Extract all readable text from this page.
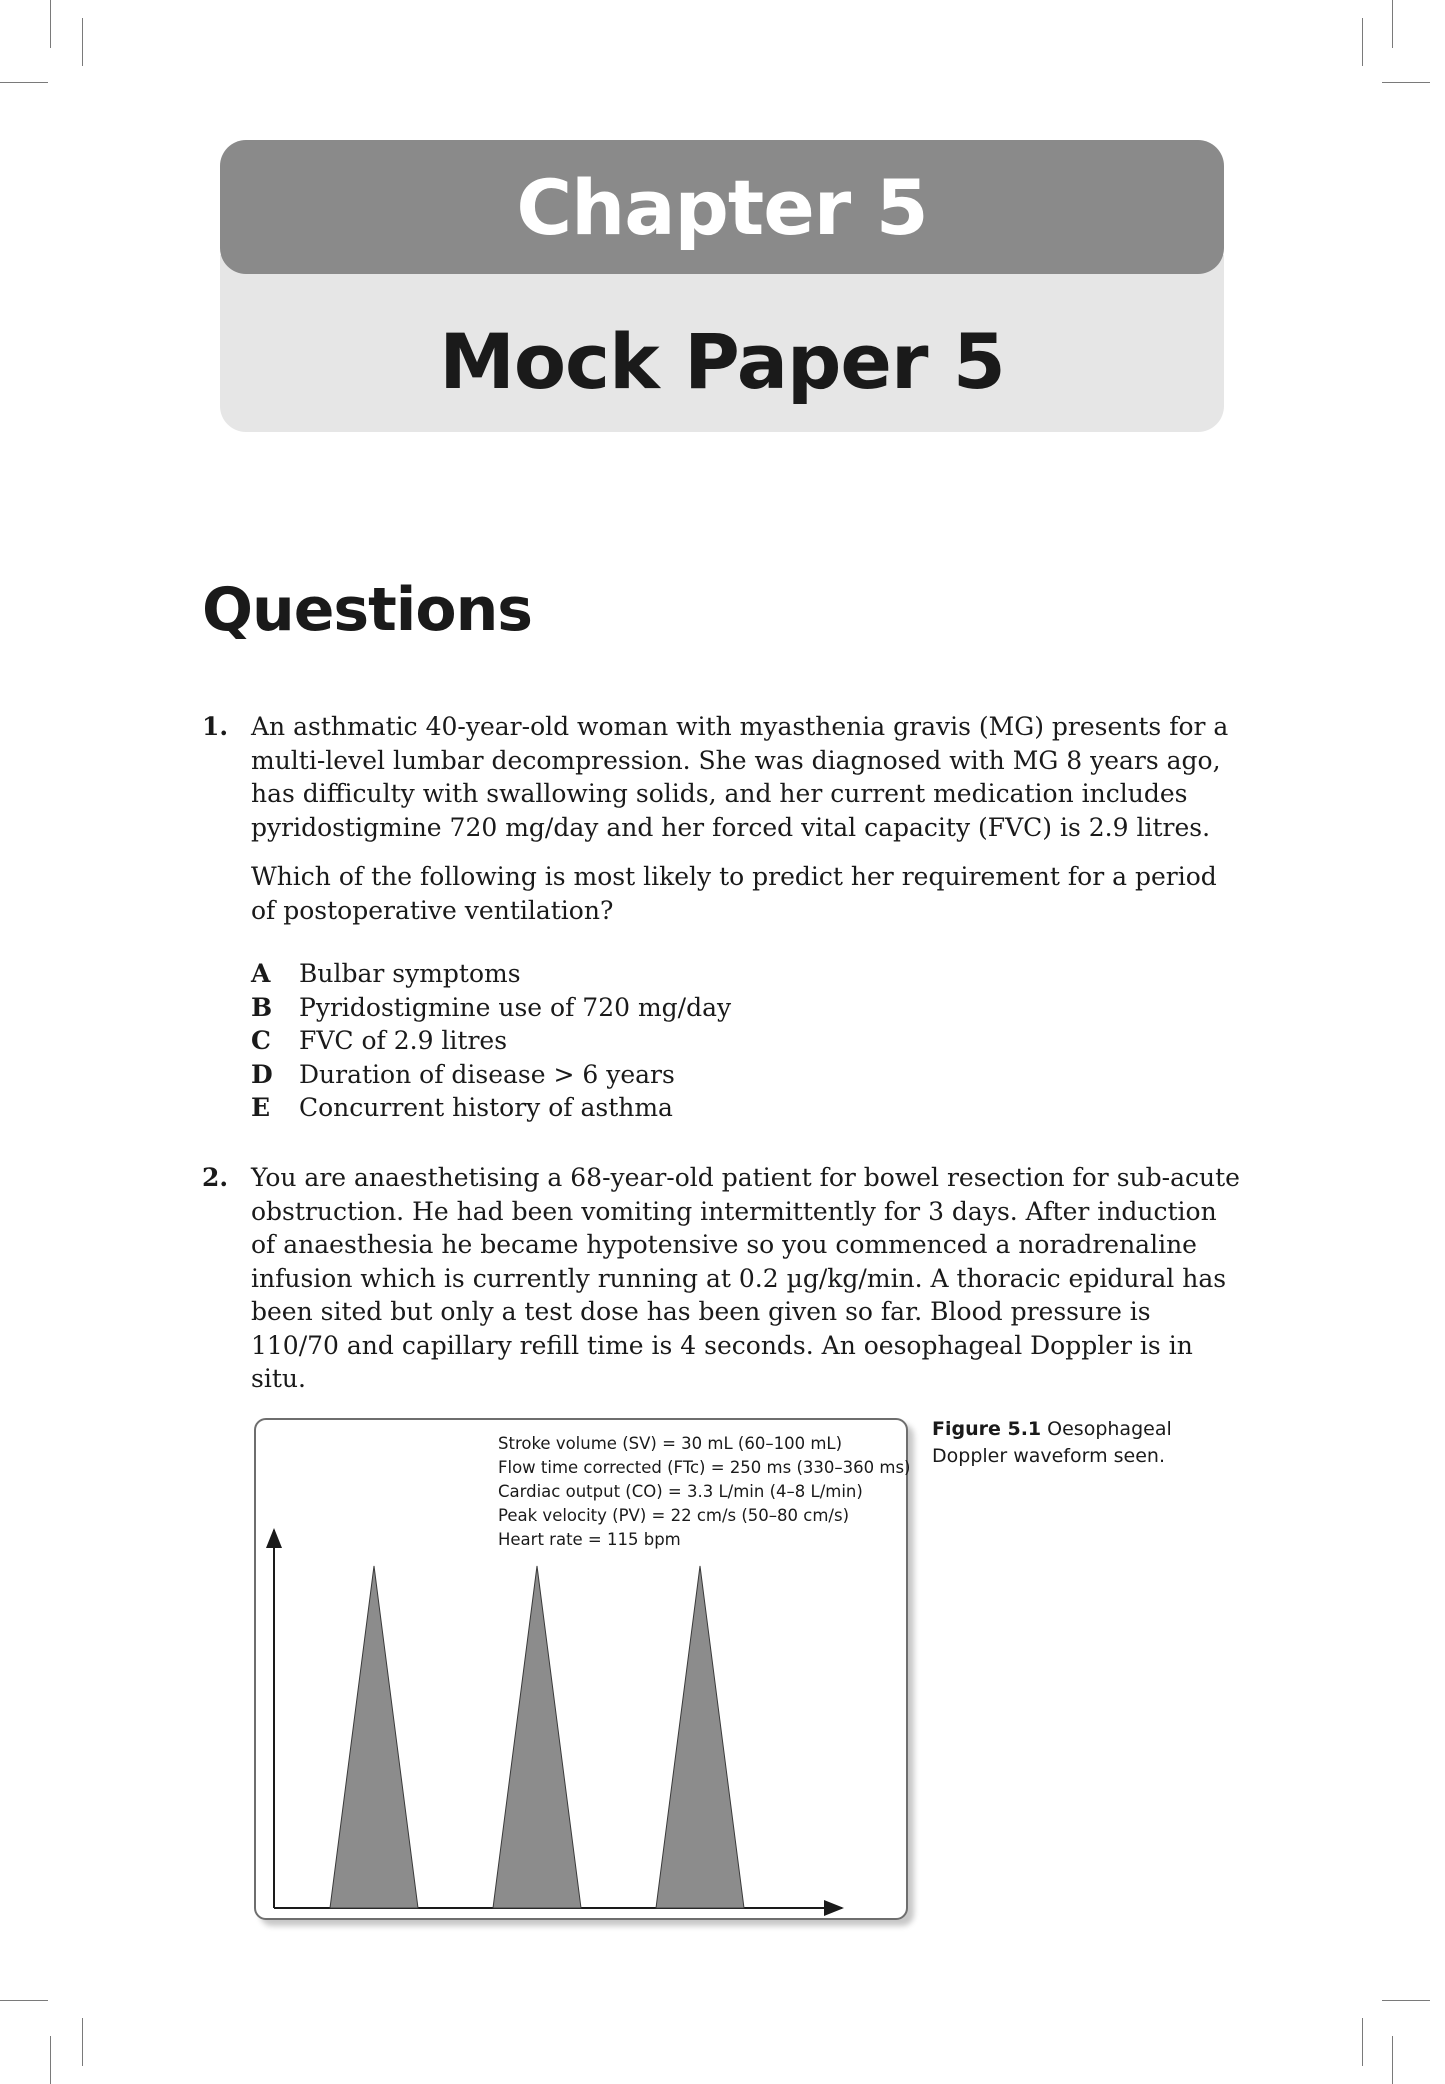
Chapter 5
Mock Paper 5
Questions
1. An asthmatic 40-year-old woman with myasthenia gravis (MG) presents for a multi-level lumbar decompression. She was diagnosed with MG 8 years ago, has difficulty with swallowing solids, and her current medication includes pyridostigmine 720 mg/day and her forced vital capacity (FVC) is 2.9 litres.

Which of the following is most likely to predict her requirement for a period of postoperative ventilation?

A	Bulbar symptoms
B	Pyridostigmine use of 720 mg/day
C	FVC of 2.9 litres
D	Duration of disease > 6 years
E	Concurrent history of asthma
2. You are anaesthetising a 68-year-old patient for bowel resection for sub-acute obstruction. He had been vomiting intermittently for 3 days. After induction of anaesthesia he became hypotensive so you commenced a noradrenaline infusion which is currently running at 0.2 µg/kg/min. A thoracic epidural has been sited but only a test dose has been given so far. Blood pressure is 110/70 and capillary refill time is 4 seconds. An oesophageal Doppler is in situ.

Stroke volume (SV) = 30 mL (60–100 mL)
Flow time corrected (FTc) = 250 ms (330–360 ms)
Cardiac output (CO) = 3.3 L/min (4–8 L/min)
Peak velocity (PV) = 22 cm/s (50–80 cm/s)
Heart rate = 115 bpm
Figure 5.1 Oesophageal Doppler waveform seen.
